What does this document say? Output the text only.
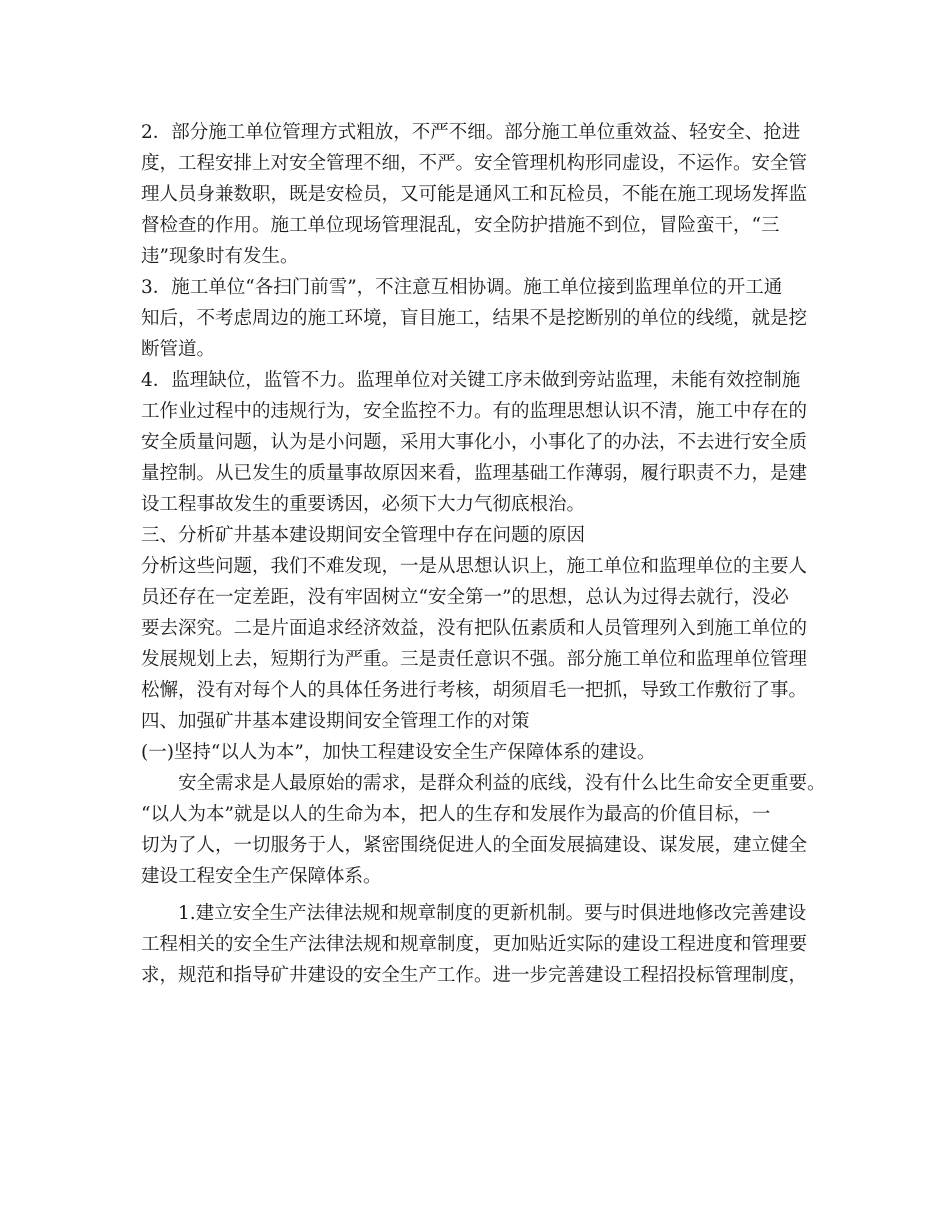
2．部分施工单位管理方式粗放，不严不细。部分施工单位重效益、轻安全、抢进

度，工程安排上对安全管理不细，不严。安全管理机构形同虚设，不运作。安全管

理人员身兼数职，既是安检员，又可能是通风工和瓦检员，不能在施工现场发挥监

督检查的作用。施工单位现场管理混乱，安全防护措施不到位，冒险蛮干，“三

违”现象时有发生。

3．施工单位“各扫门前雪”，不注意互相协调。施工单位接到监理单位的开工通

知后，不考虑周边的施工环境，盲目施工，结果不是挖断别的单位的线缆，就是挖

断管道。

4．监理缺位，监管不力。监理单位对关键工序未做到旁站监理，未能有效控制施

工作业过程中的违规行为，安全监控不力。有的监理思想认识不清，施工中存在的

安全质量问题，认为是小问题，采用大事化小，小事化了的办法，不去进行安全质

量控制。从已发生的质量事故原因来看，监理基础工作薄弱，履行职责不力，是建

设工程事故发生的重要诱因，必须下大力气彻底根治。

三、分析矿井基本建设期间安全管理中存在问题的原因

分析这些问题，我们不难发现，一是从思想认识上，施工单位和监理单位的主要人

员还存在一定差距，没有牢固树立“安全第一”的思想，总认为过得去就行，没必

要去深究。二是片面追求经济效益，没有把队伍素质和人员管理列入到施工单位的

发展规划上去，短期行为严重。三是责任意识不强。部分施工单位和监理单位管理

松懈，没有对每个人的具体任务进行考核，胡须眉毛一把抓，导致工作敷衍了事。

四、加强矿井基本建设期间安全管理工作的对策

(一)坚持“以人为本”，加快工程建设安全生产保障体系的建设。

安全需求是人最原始的需求，是群众利益的底线，没有什么比生命安全更重要。

“以人为本”就是以人的生命为本，把人的生存和发展作为最高的价值目标，一

切为了人，一切服务于人，紧密围绕促进人的全面发展搞建设、谋发展，建立健全

建设工程安全生产保障体系。

1.建立安全生产法律法规和规章制度的更新机制。要与时俱进地修改完善建设

工程相关的安全生产法律法规和规章制度，更加贴近实际的建设工程进度和管理要

求，规范和指导矿井建设的安全生产工作。进一步完善建设工程招投标管理制度，
